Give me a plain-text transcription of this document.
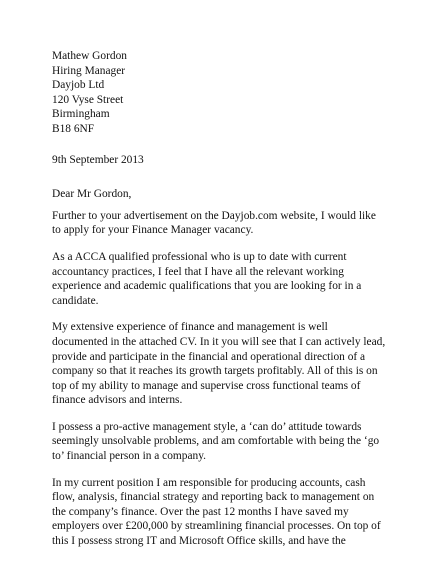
Mathew Gordon
Hiring Manager
Dayjob Ltd
120 Vyse Street
Birmingham
B18 6NF
9th September 2013
Dear Mr Gordon,
Further to your advertisement on the Dayjob.com website, I would like
to apply for your Finance Manager vacancy.
As a ACCA qualified professional who is up to date with current
accountancy practices, I feel that I have all the relevant working
experience and academic qualifications that you are looking for in a
candidate.
My extensive experience of finance and management is well
documented in the attached CV. In it you will see that I can actively lead,
provide and participate in the financial and operational direction of a
company so that it reaches its growth targets profitably. All of this is on
top of my ability to manage and supervise cross functional teams of
finance advisors and interns.
I possess a pro-active management style, a ‘can do’ attitude towards
seemingly unsolvable problems, and am comfortable with being the ‘go
to’ financial person in a company.
In my current position I am responsible for producing accounts, cash
flow, analysis, financial strategy and reporting back to management on
the company’s finance. Over the past 12 months I have saved my
employers over £200,000 by streamlining financial processes. On top of
this I possess strong IT and Microsoft Office skills, and have the
